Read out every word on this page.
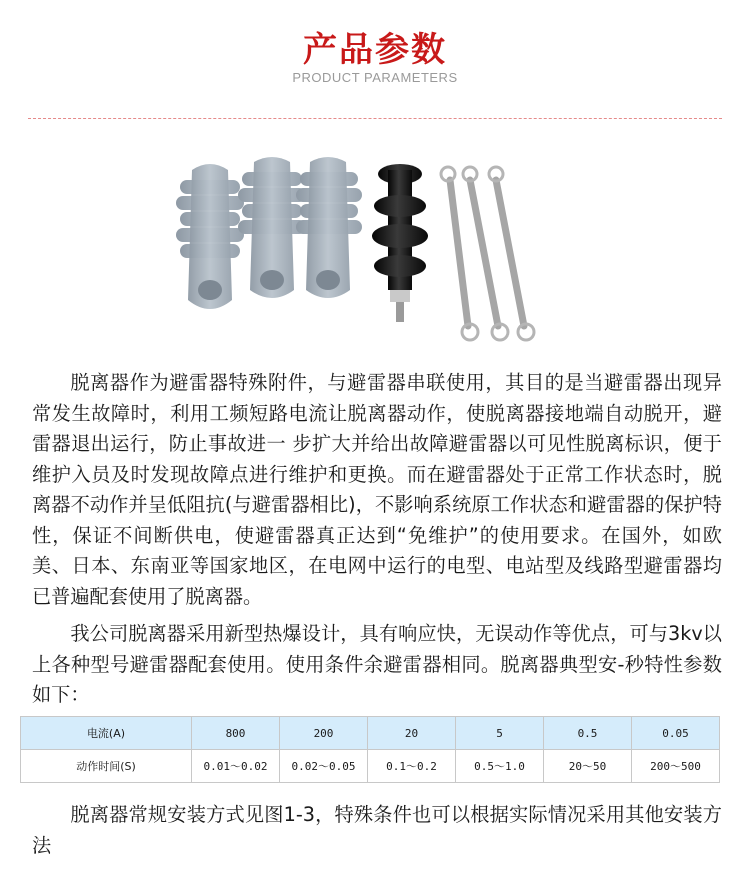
产品参数
PRODUCT PARAMETERS

脱离器作为避雷器特殊附件，与避雷器串联使用，其目的是当避雷器出现异常发生故障时，利用工频短路电流让脱离器动作，使脱离器接地端自动脱开，避雷器退出运行，防止事故进一 步扩大并给出故障避雷器以可见性脱离标识，便于维护入员及时发现故障点进行维护和更换。而在避雷器处于正常工作状态时，脱离器不动作并呈低阻抗(与避雷器相比)，不影响系统原工作状态和避雷器的保护特性，保证不间断供电，使避雷器真正达到“免维护”的使用要求。在国外，如欧美、日本、东南亚等国家地区，在电网中运行的电型、电站型及线路型避雷器均已普遍配套使用了脱离器。

我公司脱离器采用新型热爆设计，具有响应快，无误动作等优点，可与3kv以上各种型号避雷器配套使用。使用条件余避雷器相同。脱离器典型安-秒特性参数如下：

电流(A)	800	200	20	5	0.5	0.05
动作时间(S)	0.01～0.02	0.02～0.05	0.1～0.2	0.5～1.0	20～50	200～500

脱离器常规安装方式见图1-3，特殊条件也可以根据实际情况采用其他安装方法
